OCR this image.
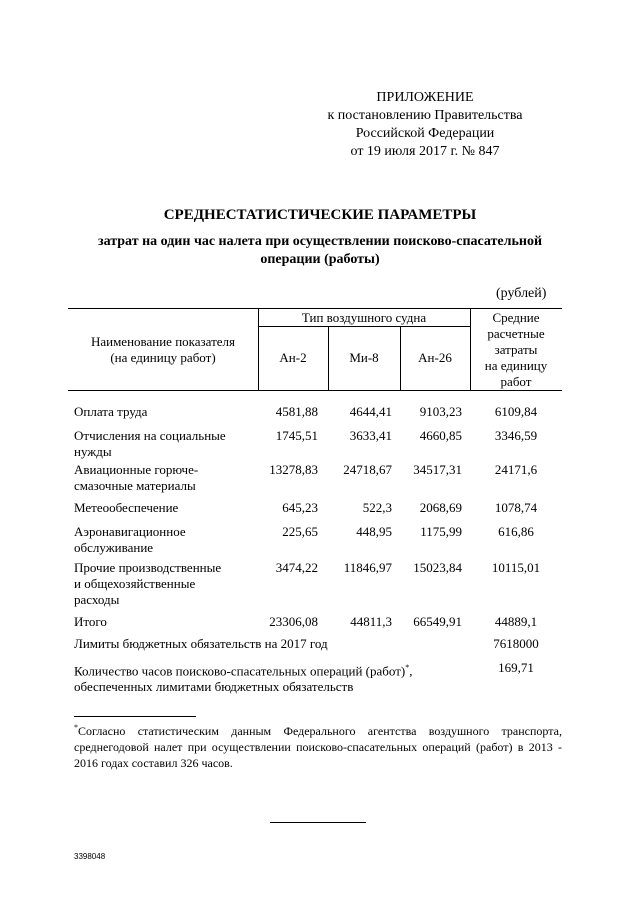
ПРИЛОЖЕНИЕ
к постановлению Правительства
Российской Федерации
от 19 июля 2017 г. № 847
СРЕДНЕСТАТИСТИЧЕСКИЕ ПАРАМЕТРЫ
затрат на один час налета при осуществлении поисково-спасательной
операции (работы)
(рублей)
Наименование показателя
(на единицу работ)
Тип воздушного судна
Ан-2	Ми-8	Ан-26
Средние
расчетные
затраты
на единицу
работ
Оплата труда	4581,88	4644,41	9103,23	6109,84
Отчисления на социальные
нужды
1745,51	3633,41	4660,85	3346,59
Авиационные горюче-
смазочные материалы
13278,83	24718,67	34517,31	24171,6
Метеообеспечение	645,23	522,3	2068,69	1078,74
Аэронавигационное
обслуживание
225,65	448,95	1175,99	616,86
Прочие производственные
и общехозяйственные
расходы
3474,22	11846,97	15023,84	10115,01
Итого	23306,08	44811,3	66549,91	44889,1
Лимиты бюджетных обязательств на 2017 год	7618000
Количество часов поисково-спасательных операций (работ)*,
обеспеченных лимитами бюджетных обязательств
169,71
*Согласно статистическим данным Федерального агентства воздушного транспорта, среднегодовой налет при осуществлении поисково-спасательных операций (работ) в 2013 - 2016 годах составил 326 часов.
3398048
